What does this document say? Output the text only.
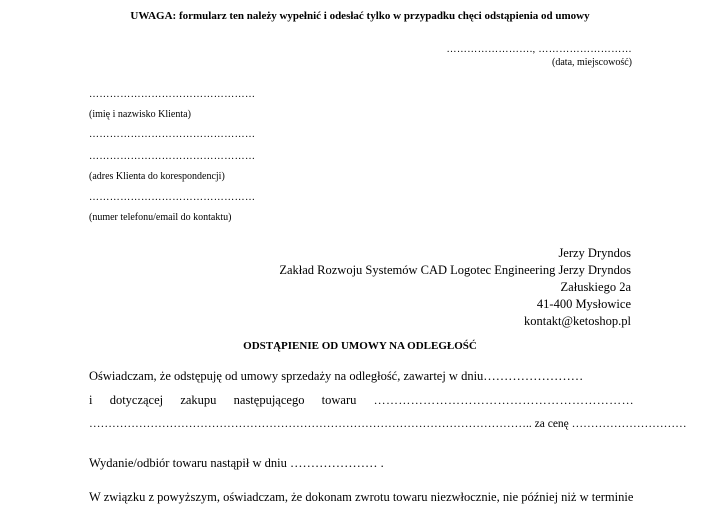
UWAGA: formularz ten należy wypełnić i odesłać tylko w przypadku chęci odstąpienia od umowy
……………………., ………………………
(data, miejscowość)
…………………………………………
(imię i nazwisko Klienta)
…………………………………………
…………………………………………
(adres Klienta do korespondencji)
…………………………………………
(numer telefonu/email do kontaktu)
Jerzy Dryndos
Zakład Rozwoju Systemów CAD Logotec Engineering Jerzy Dryndos
Załuskiego 2a
41-400 Mysłowice
kontakt@ketoshop.pl
ODSTĄPIENIE OD UMOWY NA ODLEGŁOŚĆ
Oświadczam, że odstępuję od umowy sprzedaży na odległość, zawartej w dniu……………………
i dotyczącej zakupu następującego towaru ………………………………………………………
…………………………………………………………………………………………………….. za cenę …………………………
Wydanie/odbiór towaru nastąpił w dniu ………………… .
W związku z powyższym, oświadczam, że dokonam zwrotu towaru niezwłocznie, nie później niż w terminie
